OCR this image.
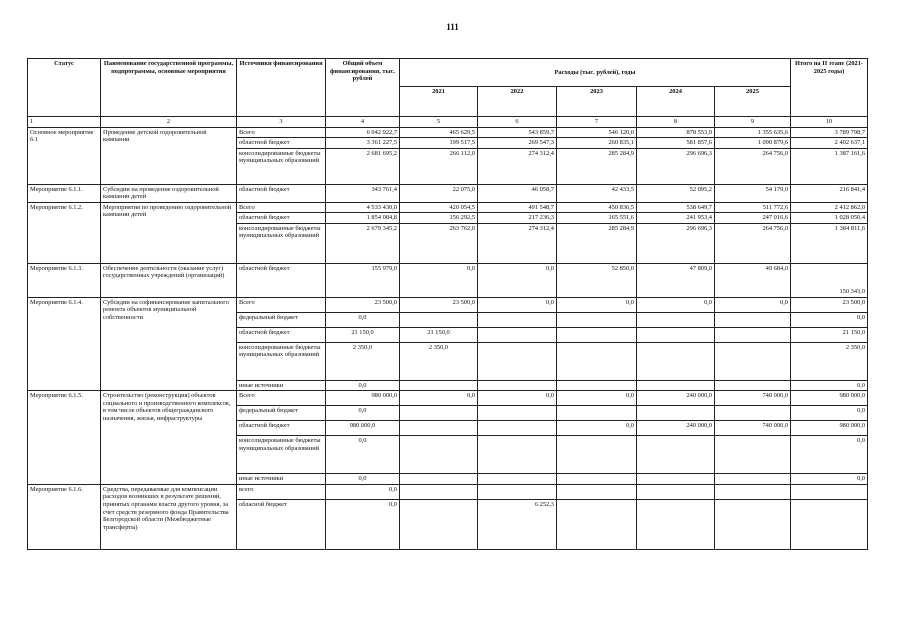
111
Статус	Наименование государственной программы, подпрограммы, основные мероприятия	Источники финансирования	Общий объем финансирования, тыс. рублей	Расходы (тыс. рублей), годы					Итого на II этапе (2021-2025 годы)
				2021	2022	2023	2024	2025	
1	2	3	4	5	6	7	8	9	10
Основное мероприятие 6.1	Проведение детской оздоровительной кампании	Всего	6 042 922,7	465 629,5	543 859,7	546 120,0	878 553,9	1 355 635,6	3 789 798,7
		областной бюджет	3 361 227,5	199 517,5	269 547,3	260 835,1	581 857,6	1 090 879,6	2 402 637,1
		консолидированные бюджеты муниципальных образований	2 681 695,2	266 112,0	274 312,4	285 284,9	296 696,3	264 756,0	1 387 161,6
Мероприятие 6.1.1.	Субсидии на проведение оздоровительной кампании детей	областной бюджет	343 761,4	22 075,0	46 058,7	42 433,5	52 095,2	54 179,0	216 841,4
Мероприятие 6.1.2.	Мероприятия по проведению оздоровительной кампании детей	Всего	4 533 430,0	420 054,5	491 548,7	450 836,5	538 649,7	511 772,6	2 412 862,0
		областной бюджет	1 854 084,8	156 292,5	217 236,3	165 551,6	241 953,4	247 016,6	1 028 050,4
		консолидированные бюджеты муниципальных образований	2 679 345,2	263 762,0	274 312,4	285 284,9	296 696,3	264 756,0	1 384 811,6
Мероприятие 6.1.3.	Обеспечение деятельности (оказание услуг) государственных учреждений (организаций)	областной бюджет	155 979,0	0,0	0,0	52 850,0	47 809,0	49 684,0	150 343,0
Мероприятие 6.1.4.	Субсидии на софинансирование капитального ремонта объектов муниципальной собственности	Всего	23 500,0	23 500,0	0,0	0,0	0,0	0,0	23 500,0
		федеральный бюджет	0,0						0,0
		областной бюджет	21 150,0	21 150,0					21 150,0
		консолидированные бюджеты муниципальных образований	2 350,0	2 350,0					2 350,0
		иные источники	0,0						0,0
Мероприятие 6.1.5.	Строительство (реконструкция) объектов социального и производственного комплексов, в том числе объектов общегражданского назначения, жилья, инфраструктуры	Всего	980 000,0	0,0	0,0	0,0	240 000,0	740 000,0	980 000,0
		федеральный бюджет	0,0						0,0
		областной бюджет	980 000,0			0,0	240 000,0	740 000,0	980 000,0
		консолидированные бюджеты муниципальных образований	0,0						0,0
		иные источники	0,0						0,0
Мероприятие 6.1.6.	Средства, передаваемые для компенсации расходов возникших в результате решений, принятых органами власти другого уровня, за счет средств резервного фонда Правительства Белгородской области (Межбюджетные трансферты)	всего	0,0						
		обласной бюджет	0,0		6 252,3				
